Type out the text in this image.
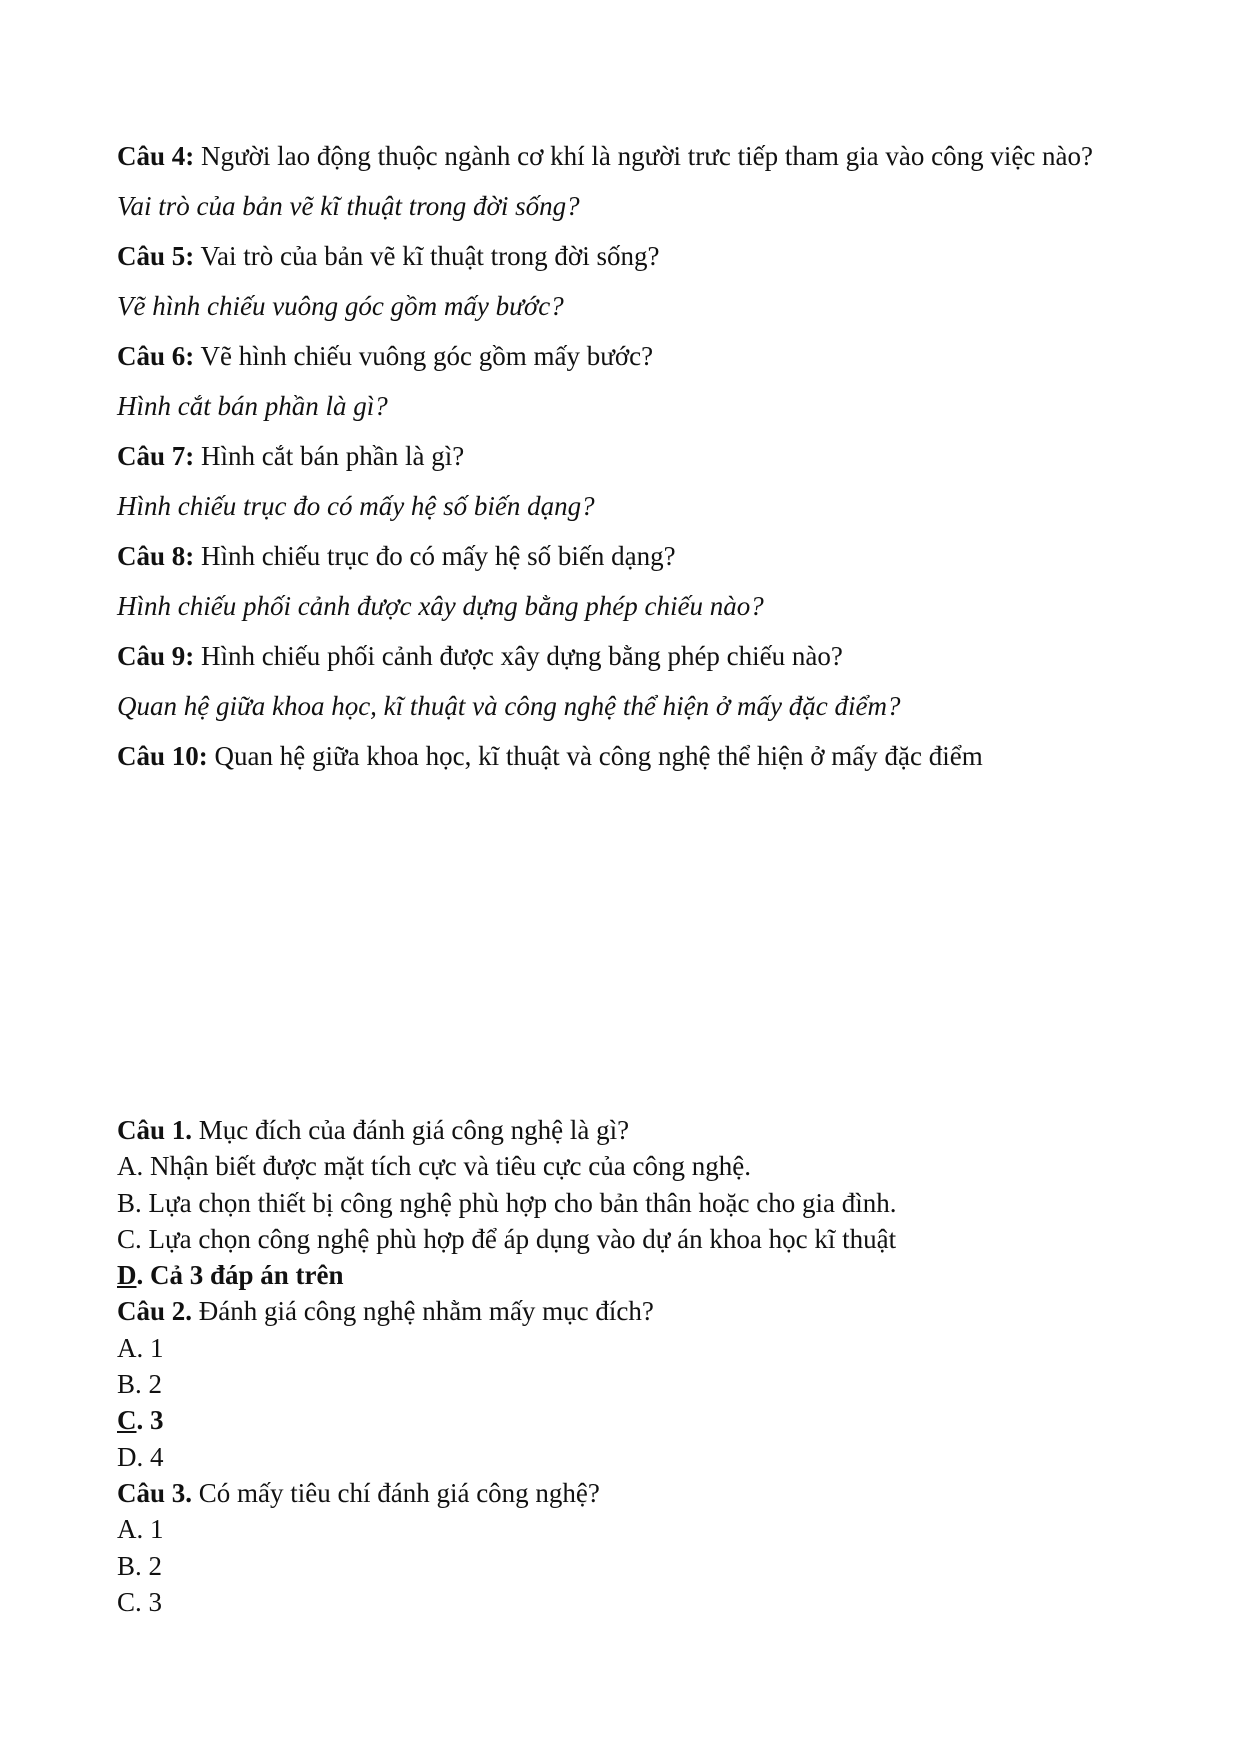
Câu 4: Người lao động thuộc ngành cơ khí là người trưc tiếp tham gia vào công việc nào?
Vai trò của bản vẽ kĩ thuật trong đời sống?
Câu 5: Vai trò của bản vẽ kĩ thuật trong đời sống?
Vẽ hình chiếu vuông góc gồm mấy bước?
Câu 6: Vẽ hình chiếu vuông góc gồm mấy bước?
Hình cắt bán phần là gì?
Câu 7: Hình cắt bán phần là gì?
Hình chiếu trục đo có mấy hệ số biến dạng?
Câu 8: Hình chiếu trục đo có mấy hệ số biến dạng?
Hình chiếu phối cảnh được xây dựng bằng phép chiếu nào?
Câu 9: Hình chiếu phối cảnh được xây dựng bằng phép chiếu nào?
Quan hệ giữa khoa học, kĩ thuật và công nghệ thể hiện ở mấy đặc điểm?
Câu 10: Quan hệ giữa khoa học, kĩ thuật và công nghệ thể hiện ở mấy đặc điểm
Câu 1. Mục đích của đánh giá công nghệ là gì?
A. Nhận biết được mặt tích cực và tiêu cực của công nghệ.
B. Lựa chọn thiết bị công nghệ phù hợp cho bản thân hoặc cho gia đình.
C. Lựa chọn công nghệ phù hợp để áp dụng vào dự án khoa học kĩ thuật
D. Cả 3 đáp án trên
Câu 2. Đánh giá công nghệ nhằm mấy mục đích?
A. 1
B. 2
C. 3
D. 4
Câu 3. Có mấy tiêu chí đánh giá công nghệ?
A. 1
B. 2
C. 3
